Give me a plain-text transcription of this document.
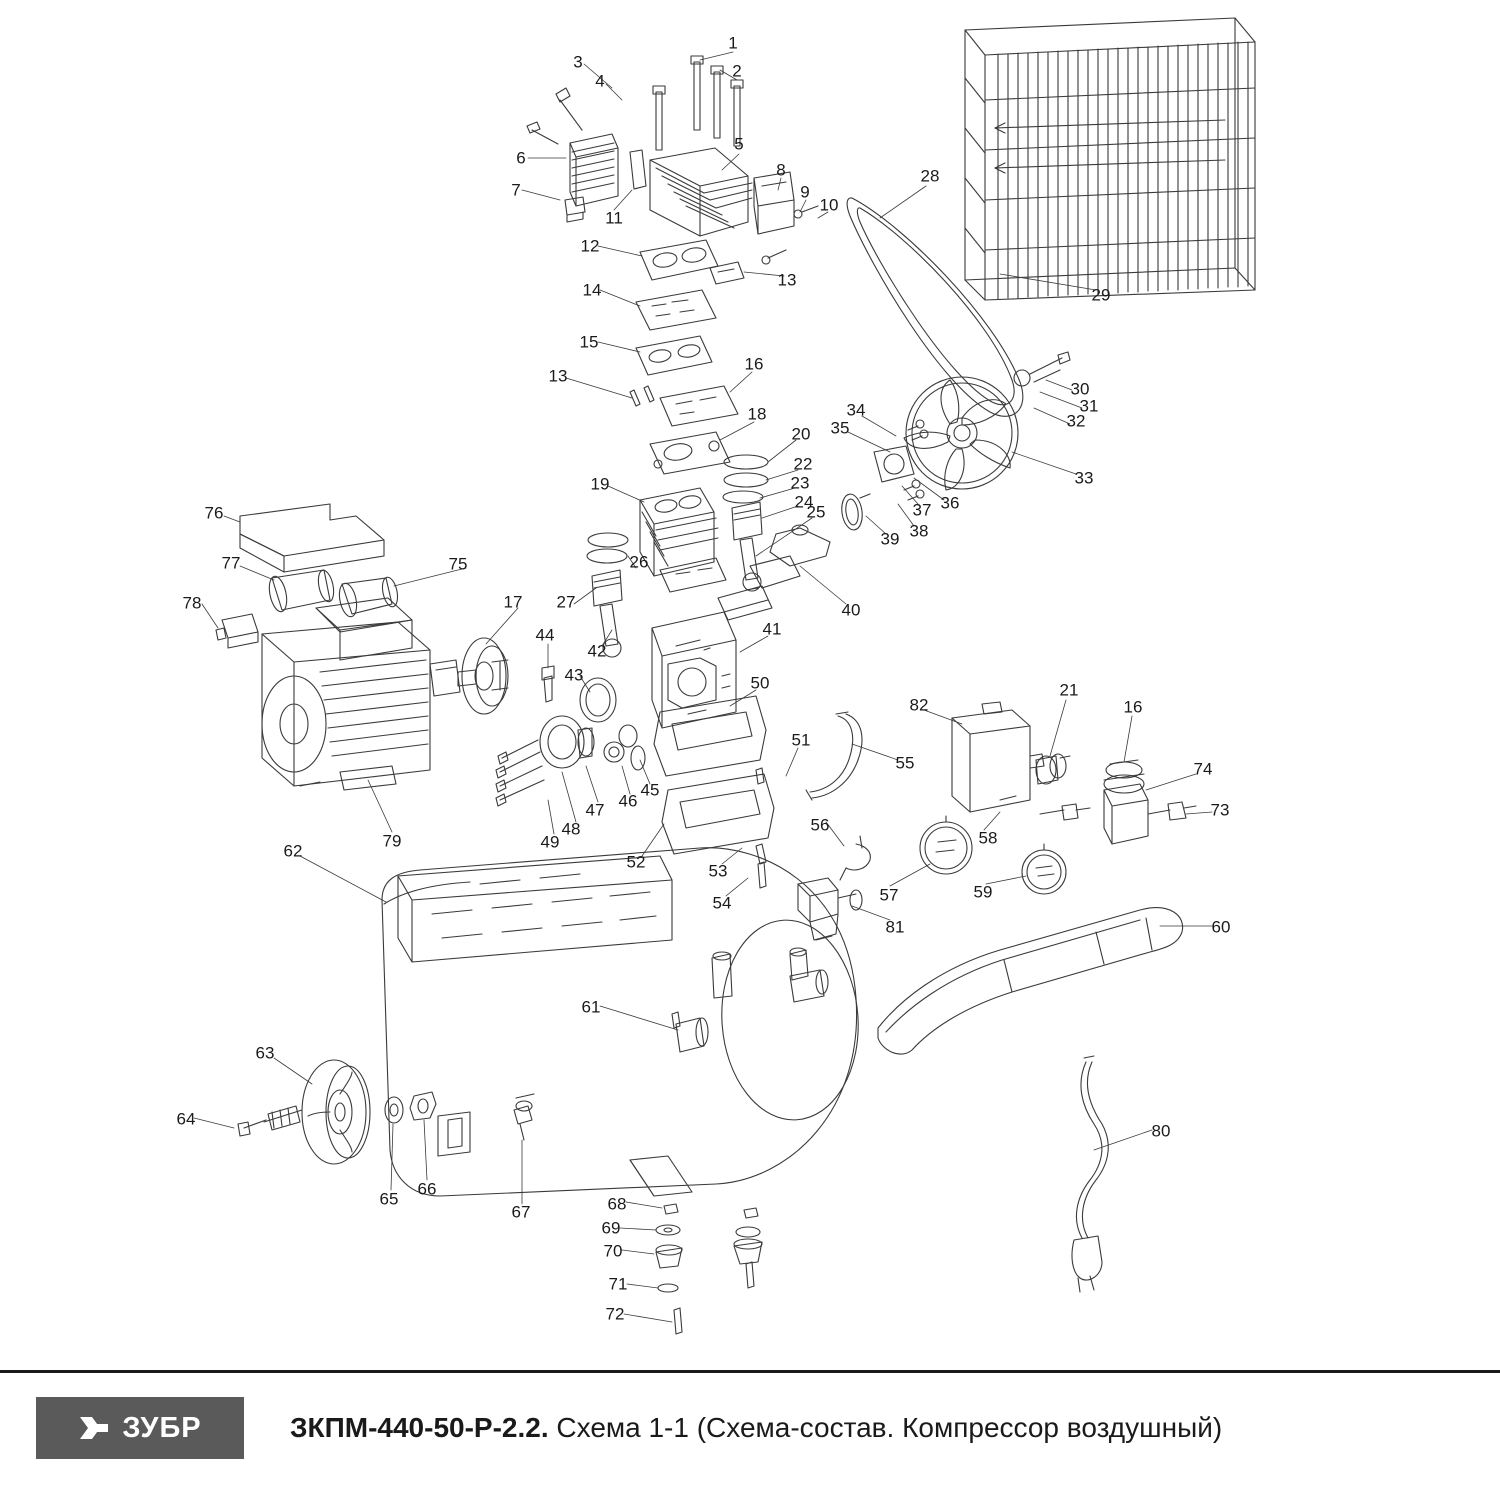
1
2
3
4
5
6
7
8
9
10
11
12
13
14
15
16
13
18
19
20
22
23
24
25
26
27
28
29
30
31
32
33
34
35
36
37
38
39
40
41
42
43
44
45
46
47
48
49
50
51
52	53
54
55
56
57
58
59
60
61
62
63
64
65
66
67	68
69
70
71
72
73
74
75
76
77
78
79
80
81
82
21
16
17
ЗУБР	ЗКПМ-440-50-Р-2.2. Схема 1-1 (Схема-состав. Компрессор воздушный)
